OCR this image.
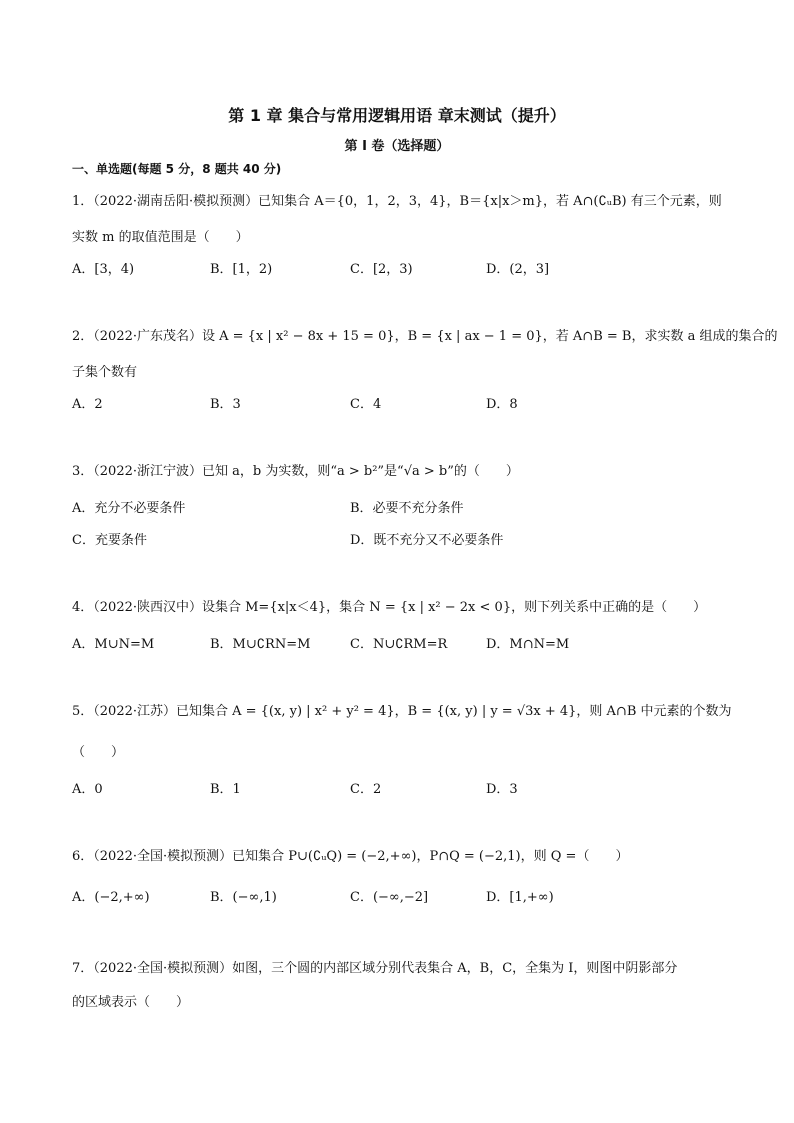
第 1 章 集合与常用逻辑用语 章末测试（提升）
第 I 卷（选择题）
一、单选题(每题 5 分，8 题共 40 分)
1．（2022·湖南岳阳·模拟预测）已知集合 A＝{0，1，2，3，4}，B＝{x|x＞m}，若 A∩(∁ᵤB) 有三个元素，则
实数 m 的取值范围是（　　）
A．[3，4)	B．[1，2)	C．[2，3)	D．(2，3]
2．（2022·广东茂名）设 A = {x | x² − 8x + 15 = 0}，B = {x | ax − 1 = 0}，若 A∩B = B，求实数 a 组成的集合的
子集个数有
A．2	B．3	C．4	D．8
3．（2022·浙江宁波）已知 a，b 为实数，则“a > b²”是“√a > b”的（　　）
A．充分不必要条件	B．必要不充分条件
C．充要条件	D．既不充分又不必要条件
4．（2022·陕西汉中）设集合 M={x|x＜4}，集合 N = {x | x² − 2x < 0}，则下列关系中正确的是（　　）
A．M∪N=M	B．M∪∁RN=M	C．N∪∁RM=R	D．M∩N=M
5．（2022·江苏）已知集合 A = {(x, y) | x² + y² = 4}，B = {(x, y) | y = √3x + 4}，则 A∩B 中元素的个数为
（　　）
A．0	B．1	C．2	D．3
6．（2022·全国·模拟预测）已知集合 P∪(∁ᵤQ) = (−2,+∞)，P∩Q = (−2,1)，则 Q =（　　）
A．(−2,+∞)	B．(−∞,1)	C．(−∞,−2]	D．[1,+∞)
7．（2022·全国·模拟预测）如图，三个圆的内部区域分别代表集合 A，B，C，全集为 I，则图中阴影部分
的区域表示（　　）
